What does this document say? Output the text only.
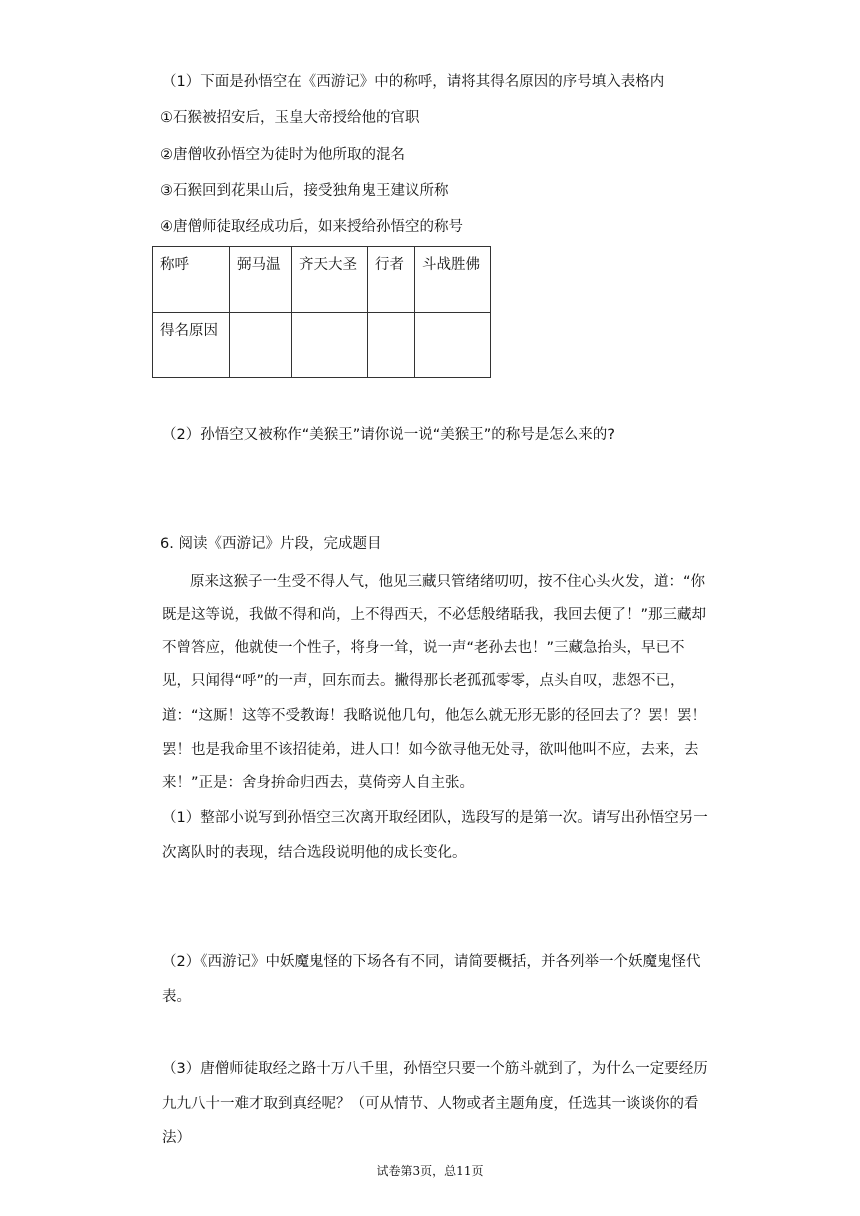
（1）下面是孙悟空在《西游记》中的称呼，请将其得名原因的序号填入表格内
①石猴被招安后，玉皇大帝授给他的官职
②唐僧收孙悟空为徒时为他所取的混名
③石猴回到花果山后，接受独角鬼王建议所称
④唐僧师徒取经成功后，如来授给孙悟空的称号
称呼	弼马温	齐天大圣	行者	斗战胜佛
得名原因				
（2）孙悟空又被称作“美猴王”请你说一说“美猴王”的称号是怎么来的?
6. 阅读《西游记》片段，完成题目
原来这猴子一生受不得人气，他见三藏只管绪绪叨叨，按不住心头火发，道：“你
既是这等说，我做不得和尚，上不得西天，不必恁般绪聒我，我回去便了！”那三藏却
不曾答应，他就使一个性子，将身一耸，说一声“老孙去也！”三藏急抬头，早已不
见，只闻得“呼”的一声，回东而去。撇得那长老孤孤零零，点头自叹，悲怨不已，
道：“这厮！这等不受教诲！我略说他几句，他怎么就无形无影的径回去了？罢！罢！
罢！也是我命里不该招徒弟，进人口！如今欲寻他无处寻，欲叫他叫不应，去来，去
来！”正是：舍身拚命归西去，莫倚旁人自主张。
（1）整部小说写到孙悟空三次离开取经团队，选段写的是第一次。请写出孙悟空另一
次离队时的表现，结合选段说明他的成长变化。
（2）《西游记》中妖魔鬼怪的下场各有不同，请简要概括，并各列举一个妖魔鬼怪代
表。
（3）唐僧师徒取经之路十万八千里，孙悟空只要一个筋斗就到了，为什么一定要经历
九九八十一难才取到真经呢？（可从情节、人物或者主题角度，任选其一谈谈你的看
法）
试卷第3页，总11页
